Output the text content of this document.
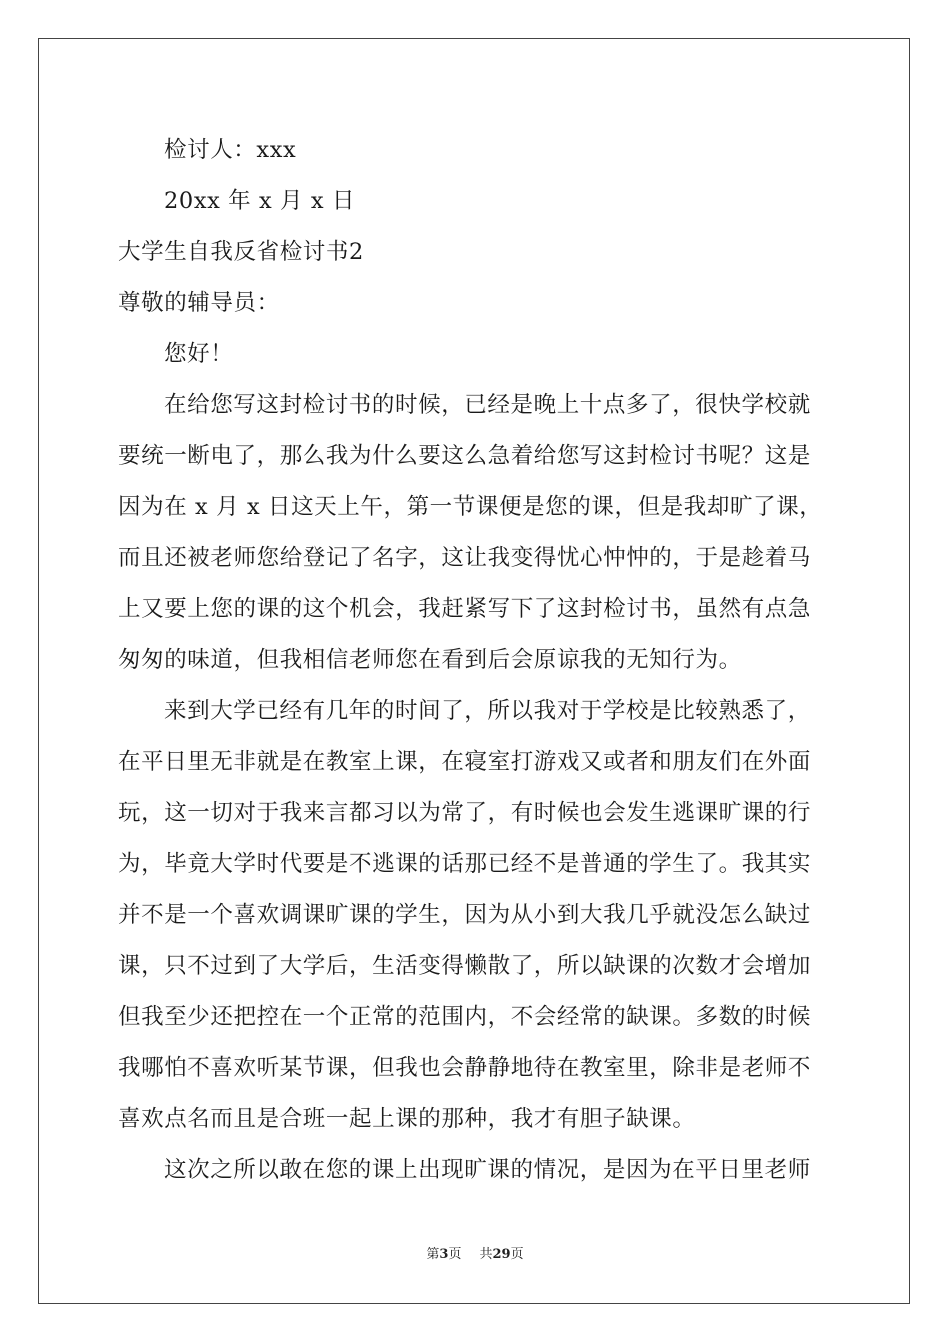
检讨人：xxx
20xx 年 x 月 x 日
大学生自我反省检讨书2
尊敬的辅导员：
您好！
在给您写这封检讨书的时候，已经是晚上十点多了，很快学校就
要统一断电了，那么我为什么要这么急着给您写这封检讨书呢？这是
因为在 x 月 x 日这天上午，第一节课便是您的课，但是我却旷了课，
而且还被老师您给登记了名字，这让我变得忧心忡忡的，于是趁着马
上又要上您的课的这个机会，我赶紧写下了这封检讨书，虽然有点急
匆匆的味道，但我相信老师您在看到后会原谅我的无知行为。
来到大学已经有几年的时间了，所以我对于学校是比较熟悉了，
在平日里无非就是在教室上课，在寝室打游戏又或者和朋友们在外面
玩，这一切对于我来言都习以为常了，有时候也会发生逃课旷课的行
为，毕竟大学时代要是不逃课的话那已经不是普通的学生了。我其实
并不是一个喜欢调课旷课的学生，因为从小到大我几乎就没怎么缺过
课，只不过到了大学后，生活变得懒散了，所以缺课的次数才会增加
但我至少还把控在一个正常的范围内，不会经常的缺课。多数的时候
我哪怕不喜欢听某节课，但我也会静静地待在教室里，除非是老师不
喜欢点名而且是合班一起上课的那种，我才有胆子缺课。
这次之所以敢在您的课上出现旷课的情况，是因为在平日里老师
第3页 共29页
